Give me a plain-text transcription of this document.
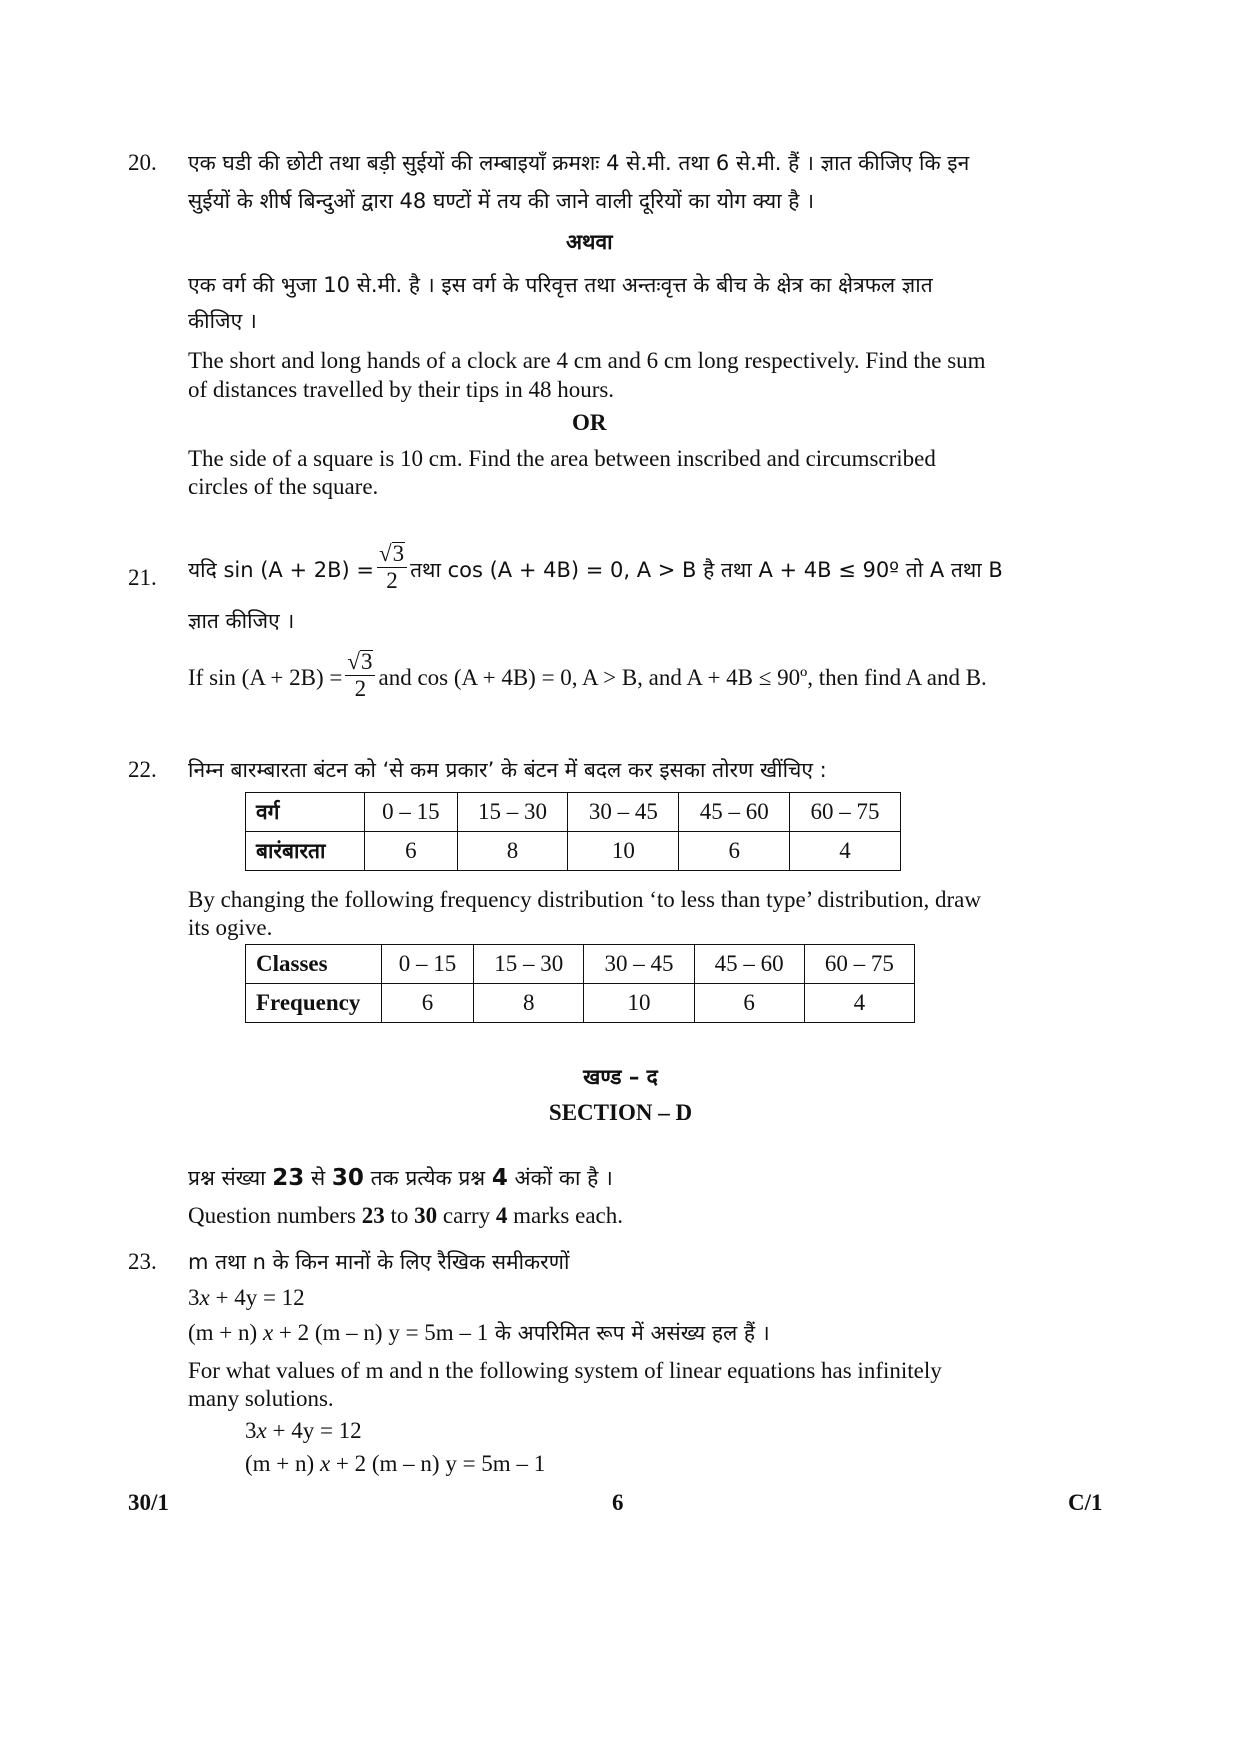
20. एक घडी की छोटी तथा बड़ी सुईयों की लम्बाइयाँ क्रमशः 4 से.मी. तथा 6 से.मी. हैं । ज्ञात कीजिए कि इन
सुईयों के शीर्ष बिन्दुओं द्वारा 48 घण्टों में तय की जाने वाली दूरियों का योग क्या है ।
अथवा
एक वर्ग की भुजा 10 से.मी. है । इस वर्ग के परिवृत्त तथा अन्तःवृत्त के बीच के क्षेत्र का क्षेत्रफल ज्ञात
कीजिए ।
The short and long hands of a clock are 4 cm and 6 cm long respectively. Find the sum
of distances travelled by their tips in 48 hours.
OR
The side of a square is 10 cm. Find the area between inscribed and circumscribed
circles of the square.
21. यदि $\sin (A + 2B) = \frac{√3}{2}$ तथा cos (A + 4B) = 0, A > B है तथा A + 4B ≤ 90º तो A तथा B
ज्ञात कीजिए ।
If $\sin (A + 2B) = \frac{√3}{2}$ and cos (A + 4B) = 0, A > B, and A + 4B ≤ 90º, then find A and B.
22. निम्न बारम्बारता बंटन को ‘से कम प्रकार’ के बंटन में बदल कर इसका तोरण खींचिए :
वर्ग	0 – 15	15 – 30	30 – 45	45 – 60	60 – 75
बारंबारता	6	8	10	6	4
By changing the following frequency distribution ‘to less than type’ distribution, draw
its ogive.
Classes	0 – 15	15 – 30	30 – 45	45 – 60	60 – 75
Frequency	6	8	10	6	4
खण्ड – द
SECTION – D
प्रश्न संख्या 23 से 30 तक प्रत्येक प्रश्न 4 अंकों का है ।
Question numbers 23 to 30 carry 4 marks each.
23. m तथा n के किन मानों के लिए रैखिक समीकरणों
3x + 4y = 12
(m + n) x + 2 (m – n) y = 5m – 1 के अपरिमित रूप में असंख्य हल हैं ।
For what values of m and n the following system of linear equations has infinitely
many solutions.
3x + 4y = 12
(m + n) x + 2 (m – n) y = 5m – 1
30/1	6	C/1
